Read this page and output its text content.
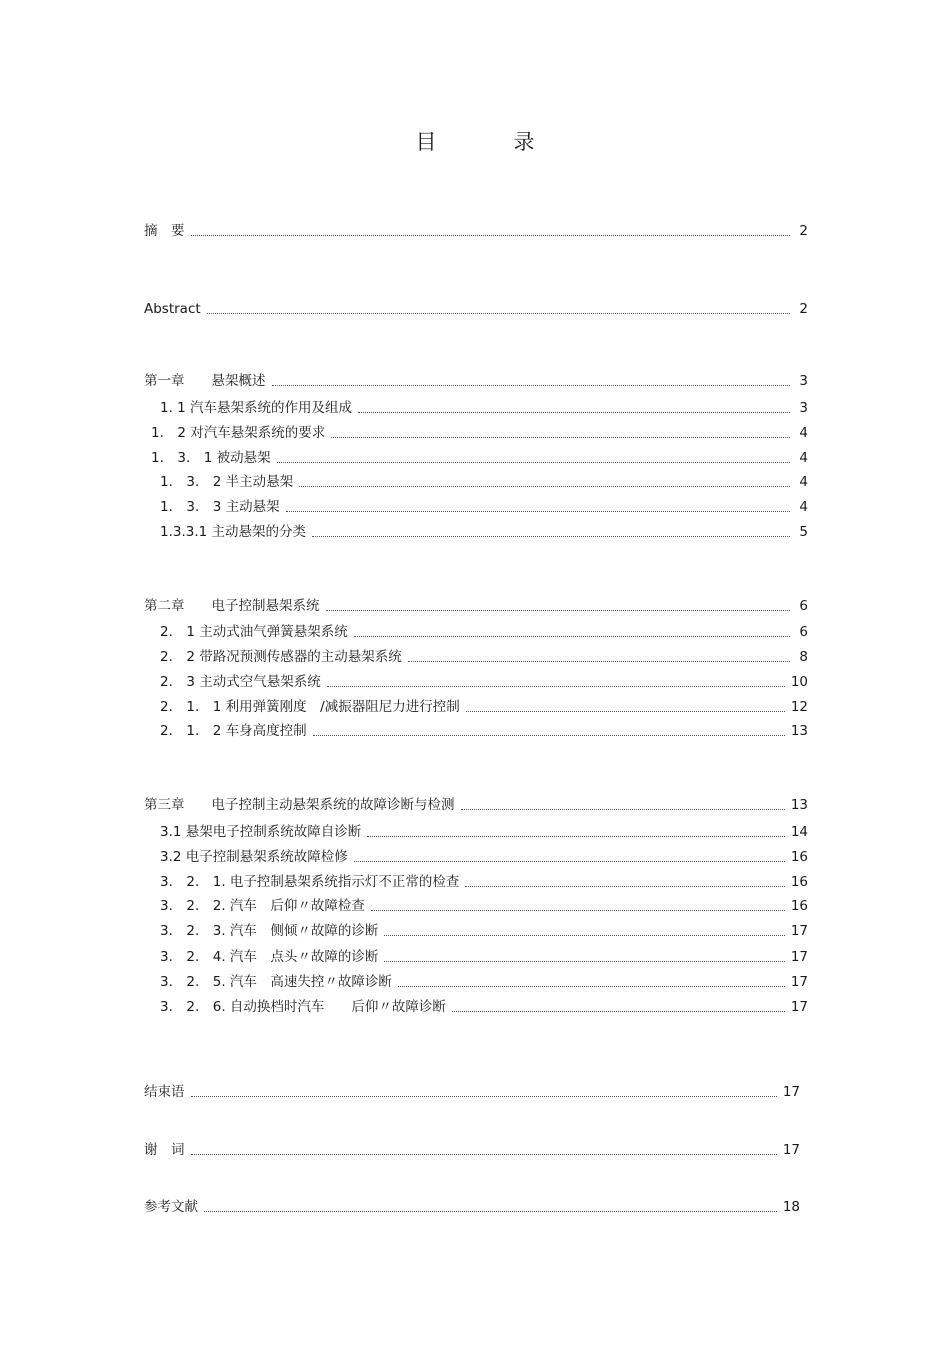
目　录
摘　要	2
Abstract	2
第一章　　悬架概述	3
1. 1 汽车悬架系统的作用及组成	3
1.　2 对汽车悬架系统的要求	4
1.　3.　1 被动悬架	4
1.　3.　2 半主动悬架	4
1.　3.　3 主动悬架	4
1.3.3.1 主动悬架的分类	5
第二章　　电子控制悬架系统	6
2.　1 主动式油气弹簧悬架系统	6
2.　2 带路况预测传感器的主动悬架系统	8
2.　3 主动式空气悬架系统	10
2.　1.　1 利用弹簧刚度　/减振器阻尼力进行控制	12
2.　1.　2 车身高度控制	13
第三章　　电子控制主动悬架系统的故障诊断与检测	13
3.1 悬架电子控制系统故障自诊断	14
3.2 电子控制悬架系统故障检修	16
3.　2.　1. 电子控制悬架系统指示灯不正常的检查	16
3.　2.　2. 汽车　后仰〃故障检查	16
3.　2.　3. 汽车　侧倾〃故障的诊断	17
3.　2.　4. 汽车　点头〃故障的诊断	17
3.　2.　5. 汽车　高速失控〃故障诊断	17
3.　2.　6. 自动换档时汽车　　后仰〃故障诊断	17
结束语	17
谢　词	17
参考文献	18
